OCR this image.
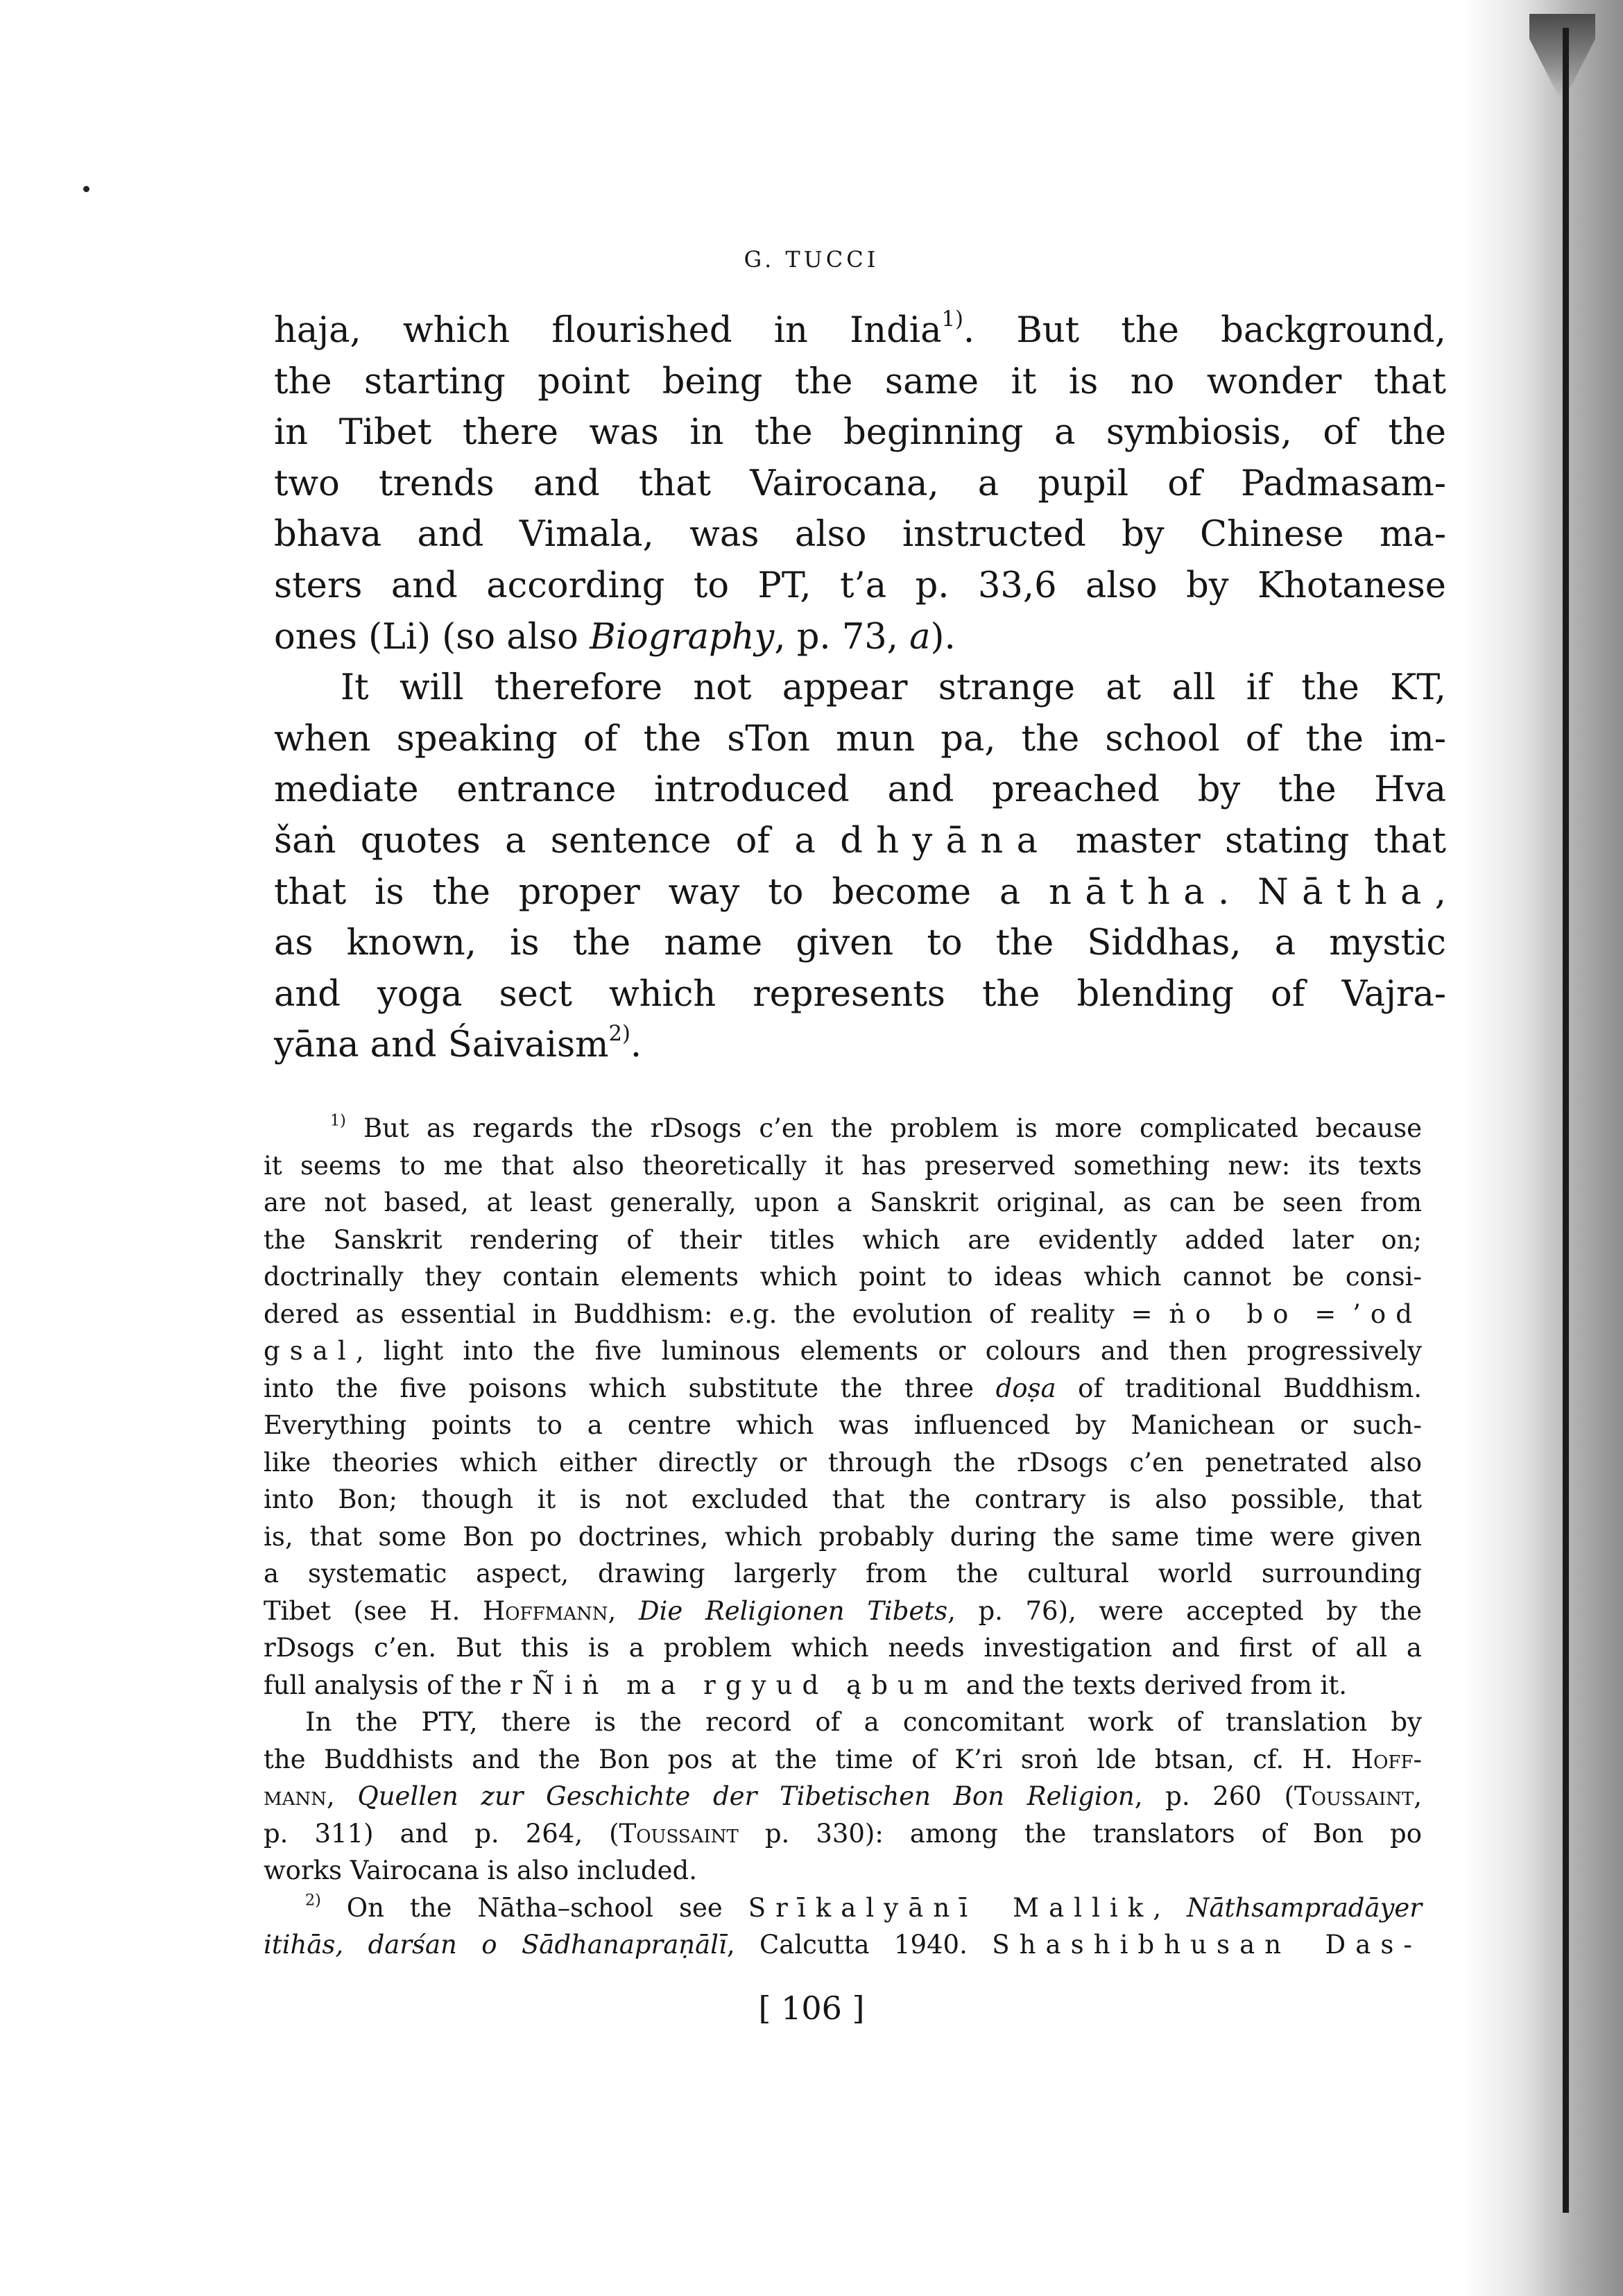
G. TUCCI
haja, which flourished in India$^{1)}$. But the background,
the starting point being the same it is no wonder that
in Tibet there was in the beginning a symbiosis, of the
two trends and that Vairocana, a pupil of Padmasam-
bhava and Vimala, was also instructed by Chinese ma-
sters and according to PT, t’a p. 33,6 also by Khotanese
ones (Li) (so also Biography, p. 73, a).
It will therefore not appear strange at all if the KT,
when speaking of the sTon mun pa, the school of the im-
mediate entrance introduced and preached by the Hva
šaṅ quotes a sentence of a dhyāna master stating that
that is the proper way to become a nātha. Nātha,
as known, is the name given to the Siddhas, a mystic
and yoga sect which represents the blending of Vajra-
yāna and Śaivaism$^{2)}$.
$^{1)}$ But as regards the rDsogs c’en the problem is more complicated because
it seems to me that also theoretically it has preserved something new: its texts
are not based, at least generally, upon a Sanskrit original, as can be seen from
the Sanskrit rendering of their titles which are evidently added later on;
doctrinally they contain elements which point to ideas which cannot be consi-
dered as essential in Buddhism: e.g. the evolution of reality = ṅo bo = ’od
gsal, light into the five luminous elements or colours and then progressively
into the five poisons which substitute the three doṣa of traditional Buddhism.
Everything points to a centre which was influenced by Manichean or such-
like theories which either directly or through the rDsogs c’en penetrated also
into Bon; though it is not excluded that the contrary is also possible, that
is, that some Bon po doctrines, which probably during the same time were given
a systematic aspect, drawing largerly from the cultural world surrounding
Tibet (see H. Hoffmann, Die Religionen Tibets, p. 76), were accepted by the
rDsogs c’en. But this is a problem which needs investigation and first of all a
full analysis of the rÑiṅ ma rgyud ąbum and the texts derived from it.
In the PTY, there is the record of a concomitant work of translation by
the Buddhists and the Bon pos at the time of K’ri sroṅ lde btsan, cf. H. Hoff-
mann, Quellen zur Geschichte der Tibetischen Bon Religion, p. 260 (Toussaint,
p. 311) and p. 264, (Toussaint p. 330): among the translators of Bon po
works Vairocana is also included.
$^{2)}$ On the Nātha–school see Srīkalyānī Mallik, Nāthsampradāyer
itihās, darśan o Sādhanapraṇālī, Calcutta 1940. Shashibhusan Das-
[ 106 ]
